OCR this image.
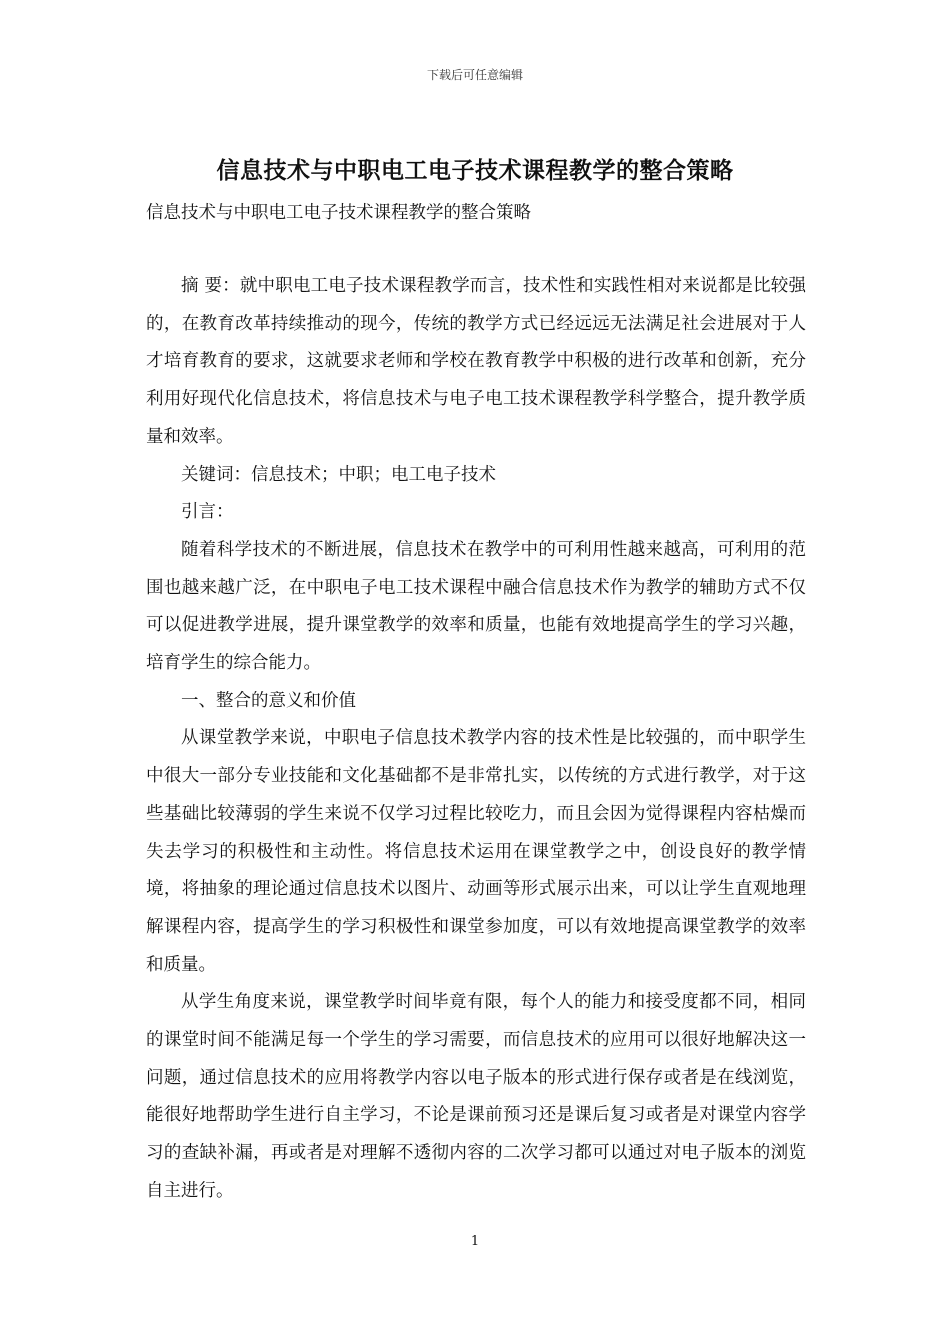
下载后可任意编辑
信息技术与中职电工电子技术课程教学的整合策略

信息技术与中职电工电子技术课程教学的整合策略

摘 要：就中职电工电子技术课程教学而言，技术性和实践性相对来说都是比较强的，在教育改革持续推动的现今，传统的教学方式已经远远无法满足社会进展对于人才培育教育的要求，这就要求老师和学校在教育教学中积极的进行改革和创新，充分利用好现代化信息技术，将信息技术与电子电工技术课程教学科学整合，提升教学质量和效率。

关键词：信息技术；中职；电工电子技术

引言：

随着科学技术的不断进展，信息技术在教学中的可利用性越来越高，可利用的范围也越来越广泛，在中职电子电工技术课程中融合信息技术作为教学的辅助方式不仅可以促进教学进展，提升课堂教学的效率和质量，也能有效地提高学生的学习兴趣，培育学生的综合能力。

一、整合的意义和价值

从课堂教学来说，中职电子信息技术教学内容的技术性是比较强的，而中职学生中很大一部分专业技能和文化基础都不是非常扎实，以传统的方式进行教学，对于这些基础比较薄弱的学生来说不仅学习过程比较吃力，而且会因为觉得课程内容枯燥而失去学习的积极性和主动性。将信息技术运用在课堂教学之中，创设良好的教学情境，将抽象的理论通过信息技术以图片、动画等形式展示出来，可以让学生直观地理解课程内容，提高学生的学习积极性和课堂参加度，可以有效地提高课堂教学的效率和质量。

从学生角度来说，课堂教学时间毕竟有限，每个人的能力和接受度都不同，相同的课堂时间不能满足每一个学生的学习需要，而信息技术的应用可以很好地解决这一问题，通过信息技术的应用将教学内容以电子版本的形式进行保存或者是在线浏览，能很好地帮助学生进行自主学习，不论是课前预习还是课后复习或者是对课堂内容学习的查缺补漏，再或者是对理解不透彻内容的二次学习都可以通过对电子版本的浏览自主进行。

1
